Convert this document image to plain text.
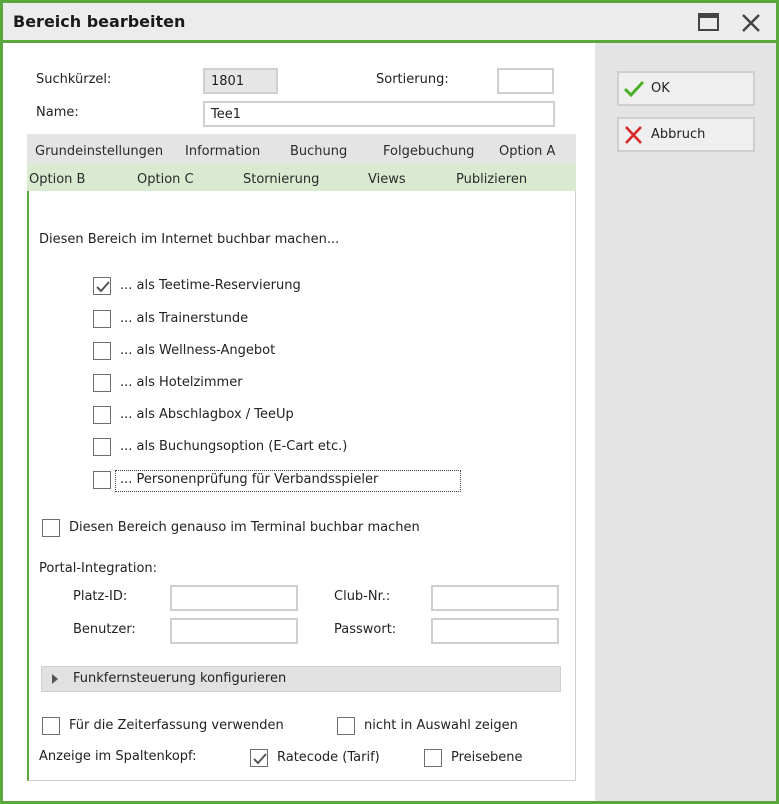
Bereich bearbeiten
Suchkürzel:	1801	Sortierung:
Name:	Tee1
Grundeinstellungen Information Buchung	Folgebuchung Option A
Option B	Option C	Stornierung	Views	Publizieren
Diesen Bereich im Internet buchbar machen...
... als Teetime-Reservierung
... als Trainerstunde
... als Wellness-Angebot
... als Hotelzimmer
... als Abschlagbox / TeeUp
... als Buchungsoption (E-Cart etc.)
... Personenprüfung für Verbandsspieler
Diesen Bereich genauso im Terminal buchbar machen
Portal-Integration:
Platz-ID:	Club-Nr.:
Benutzer:	Passwort:
Funkfernsteuerung konfigurieren
Für die Zeiterfassung verwenden	nicht in Auswahl zeigen
Anzeige im Spaltenkopf:	Ratecode (Tarif)	Preisebene
OK
Abbruch
